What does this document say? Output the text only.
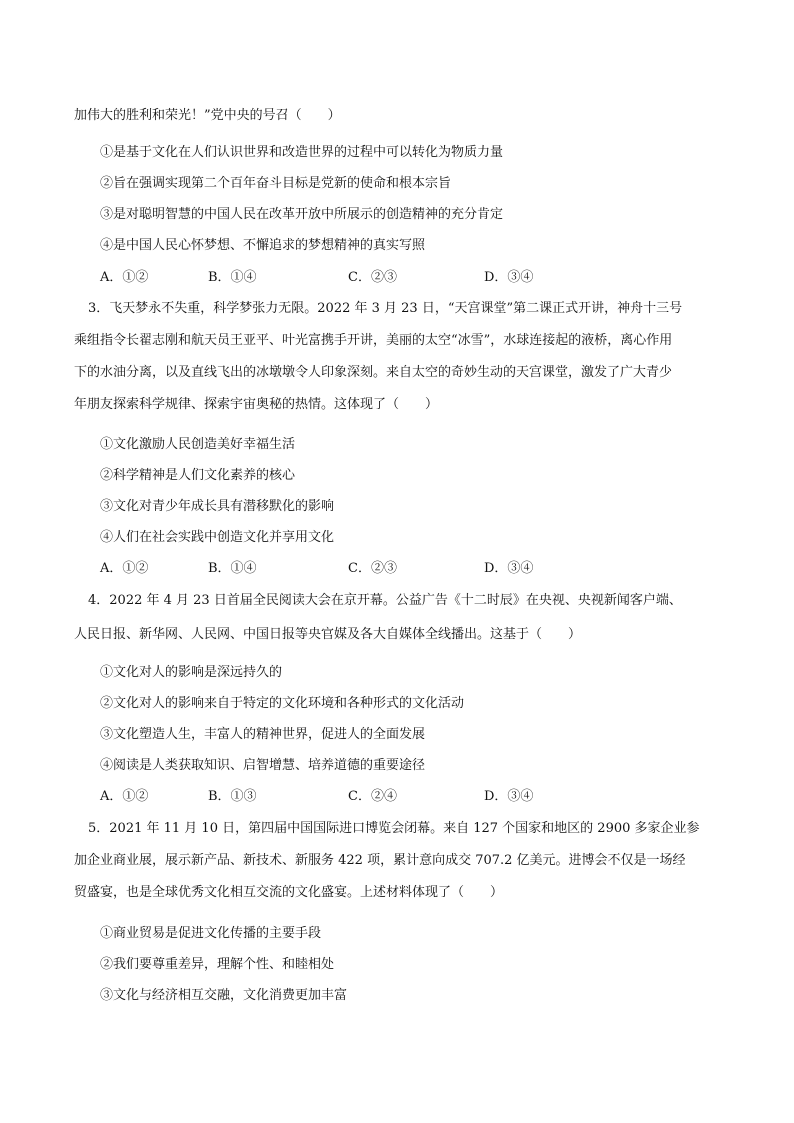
加伟大的胜利和荣光！”党中央的号召（　　）
①是基于文化在人们认识世界和改造世界的过程中可以转化为物质力量
②旨在强调实现第二个百年奋斗目标是党新的使命和根本宗旨
③是对聪明智慧的中国人民在改革开放中所展示的创造精神的充分肯定
④是中国人民心怀梦想、不懈追求的梦想精神的真实写照
A．①②	B．①④	C．②③	D．③④
3．飞天梦永不失重，科学梦张力无限。2022 年 3 月 23 日，“天宫课堂”第二课正式开讲，神舟十三号
乘组指令长翟志刚和航天员王亚平、叶光富携手开讲，美丽的太空“冰雪”，水球连接起的液桥，离心作用
下的水油分离，以及直线飞出的冰墩墩令人印象深刻。来自太空的奇妙生动的天宫课堂，激发了广大青少
年朋友探索科学规律、探索宇宙奥秘的热情。这体现了（　　）
①文化激励人民创造美好幸福生活
②科学精神是人们文化素养的核心
③文化对青少年成长具有潜移默化的影响
④人们在社会实践中创造文化并享用文化
A．①②	B．①④	C．②③	D．③④
4．2022 年 4 月 23 日首届全民阅读大会在京开幕。公益广告《十二时辰》在央视、央视新闻客户端、
人民日报、新华网、人民网、中国日报等央官媒及各大自媒体全线播出。这基于（　　）
①文化对人的影响是深远持久的
②文化对人的影响来自于特定的文化环境和各种形式的文化活动
③文化塑造人生，丰富人的精神世界，促进人的全面发展
④阅读是人类获取知识、启智增慧、培养道德的重要途径
A．①②	B．①③	C．②④	D．③④
5．2021 年 11 月 10 日，第四届中国国际进口博览会闭幕。来自 127 个国家和地区的 2900 多家企业参
加企业商业展，展示新产品、新技术、新服务 422 项，累计意向成交 707.2 亿美元。进博会不仅是一场经
贸盛宴，也是全球优秀文化相互交流的文化盛宴。上述材料体现了（　　）
①商业贸易是促进文化传播的主要手段
②我们要尊重差异，理解个性、和睦相处
③文化与经济相互交融，文化消费更加丰富
